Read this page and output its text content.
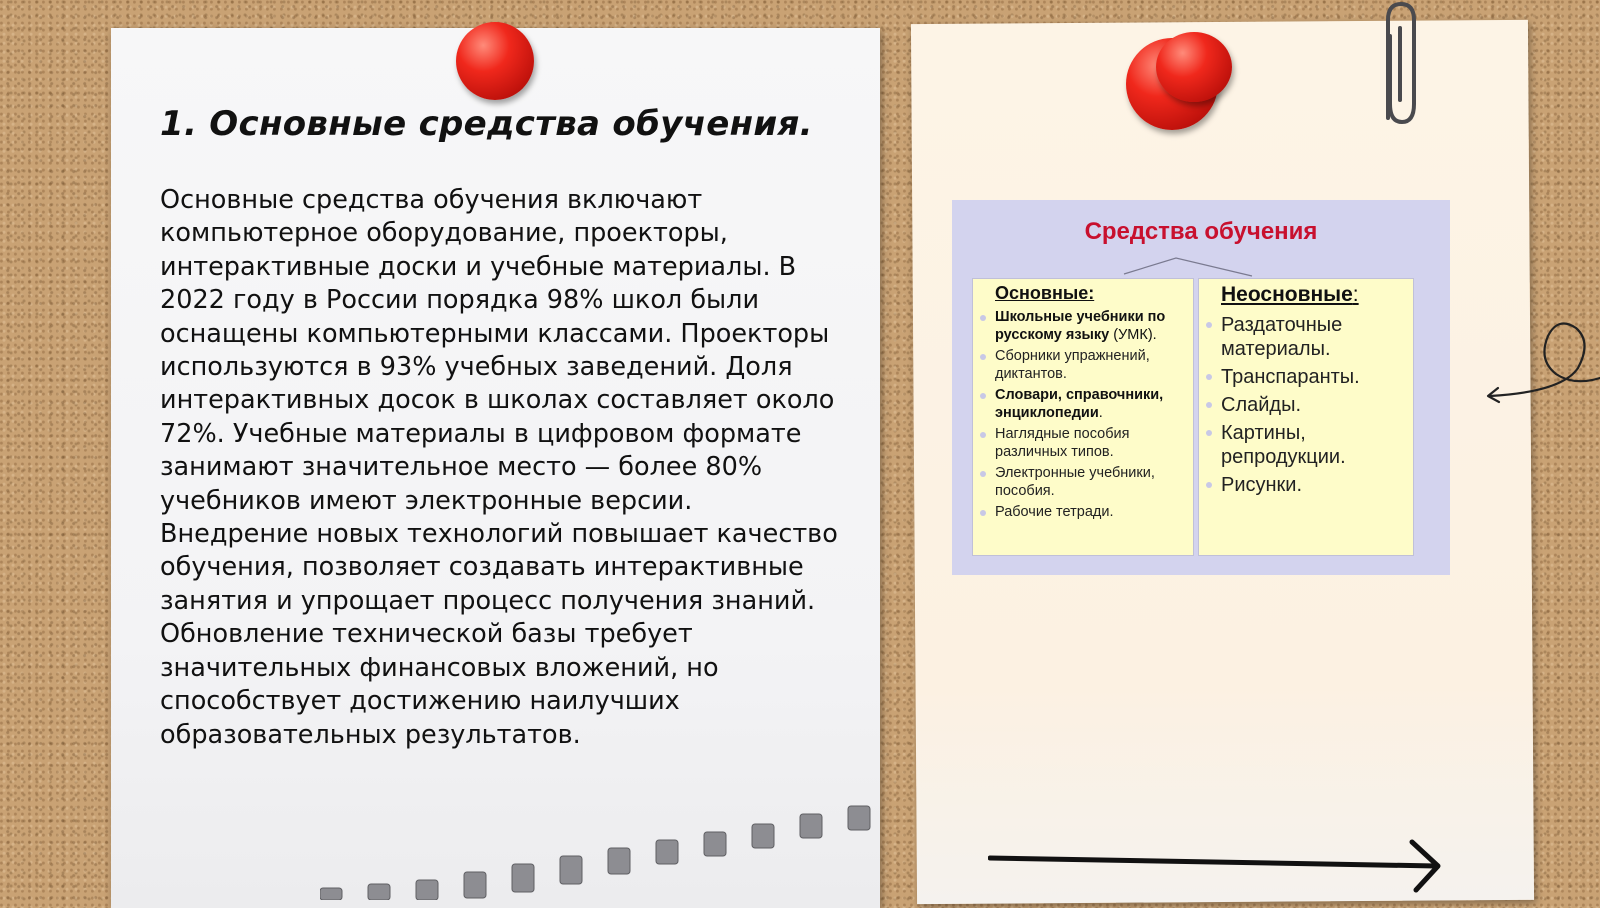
1. Основные средства обучения.

Основные средства обучения включают компьютерное оборудование, проекторы, интерактивные доски и учебные материалы. В 2022 году в России порядка 98% школ были оснащены компьютерными классами. Проекторы используются в 93% учебных заведений. Доля интерактивных досок в школах составляет около 72%. Учебные материалы в цифровом формате занимают значительное место — более 80% учебников имеют электронные версии. Внедрение новых технологий повышает качество обучения, позволяет создавать интерактивные занятия и упрощает процесс получения знаний. Обновление технической базы требует значительных финансовых вложений, но способствует достижению наилучших образовательных результатов.

Средства обучения
Основные:
Школьные учебники по русскому языку (УМК).
Сборники упражнений, диктантов.
Словари, справочники, энциклопедии.
Наглядные пособия различных типов.
Электронные учебники, пособия.
Рабочие тетради.
Неосновные:
Раздаточные материалы.
Транспаранты.
Слайды.
Картины, репродукции.
Рисунки.
